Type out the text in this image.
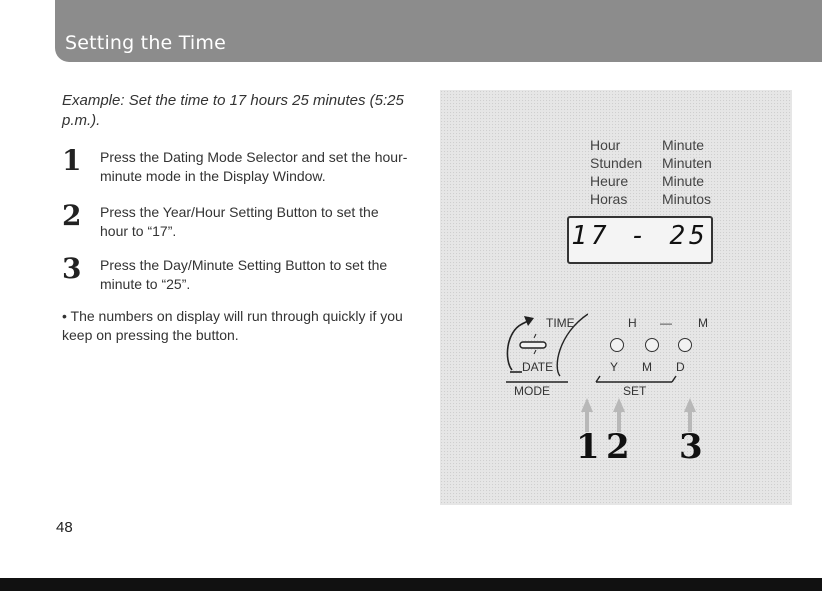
Setting the Time
Example: Set the time to 17 hours 25 minutes (5:25 p.m.).
1 Press the Dating Mode Selector and set the hour-minute mode in the Display Window.
2 Press the Year/Hour Setting Button to set the hour to “17”.
3 Press the Day/Minute Setting Button to set the minute to “25”.
• The numbers on display will run through quickly if you keep on pressing the button.
48
Hour
Stunden
Heure
Horas
Minute
Minuten
Minute
Minutos
17 - 25
TIME
DATE
MODE
H — M
Y M D
SET
1 2 3
